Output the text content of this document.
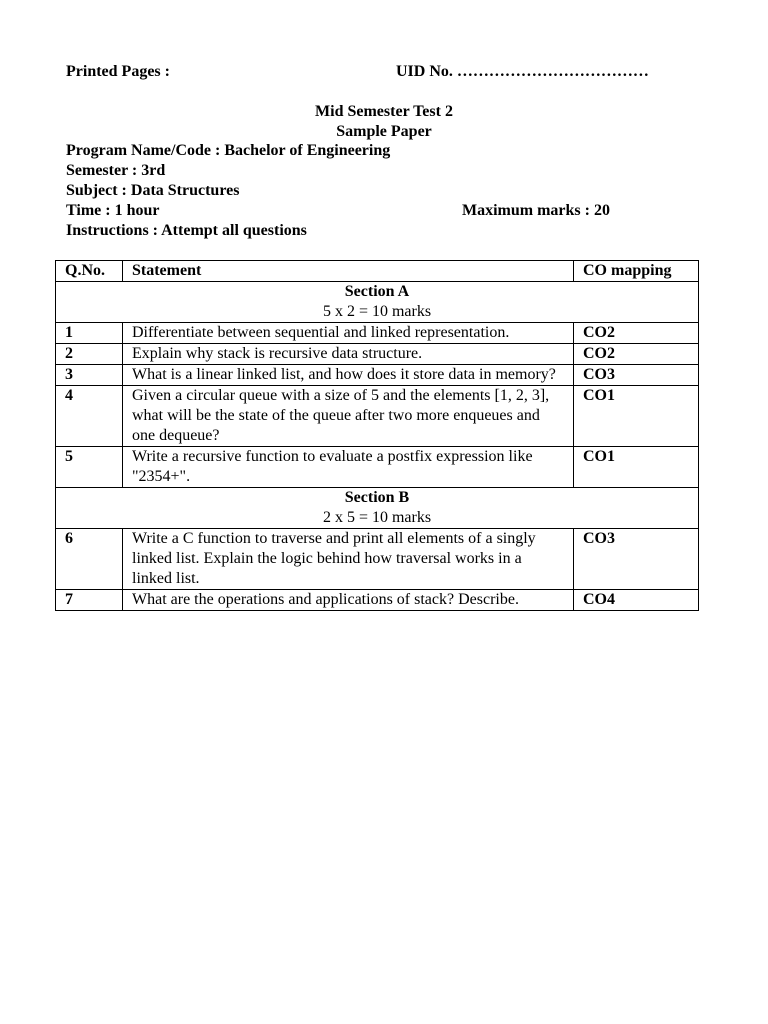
Printed Pages :	UID No. ………………………………
Mid Semester Test 2
Sample Paper
Program Name/Code : Bachelor of Engineering
Semester : 3rd
Subject : Data Structures
Time : 1 hour	Maximum marks : 20
Instructions : Attempt all questions
Q.No.	Statement	CO mapping

Section A
5 x 2 = 10 marks		

1	Differentiate between sequential and linked representation.	CO2
2	Explain why stack is recursive data structure.	CO2
3	What is a linear linked list, and how does it store data in memory?	CO3
4	Given a circular queue with a size of 5 and the elements [1, 2, 3], what will be the state of the queue after two more enqueues and one dequeue?	CO1
5	Write a recursive function to evaluate a postfix expression like "2354+".	CO1

Section B
2 x 5 = 10 marks		

6	Write a C function to traverse and print all elements of a singly linked list. Explain the logic behind how traversal works in a linked list.	CO3
7	What are the operations and applications of stack? Describe.	CO4
